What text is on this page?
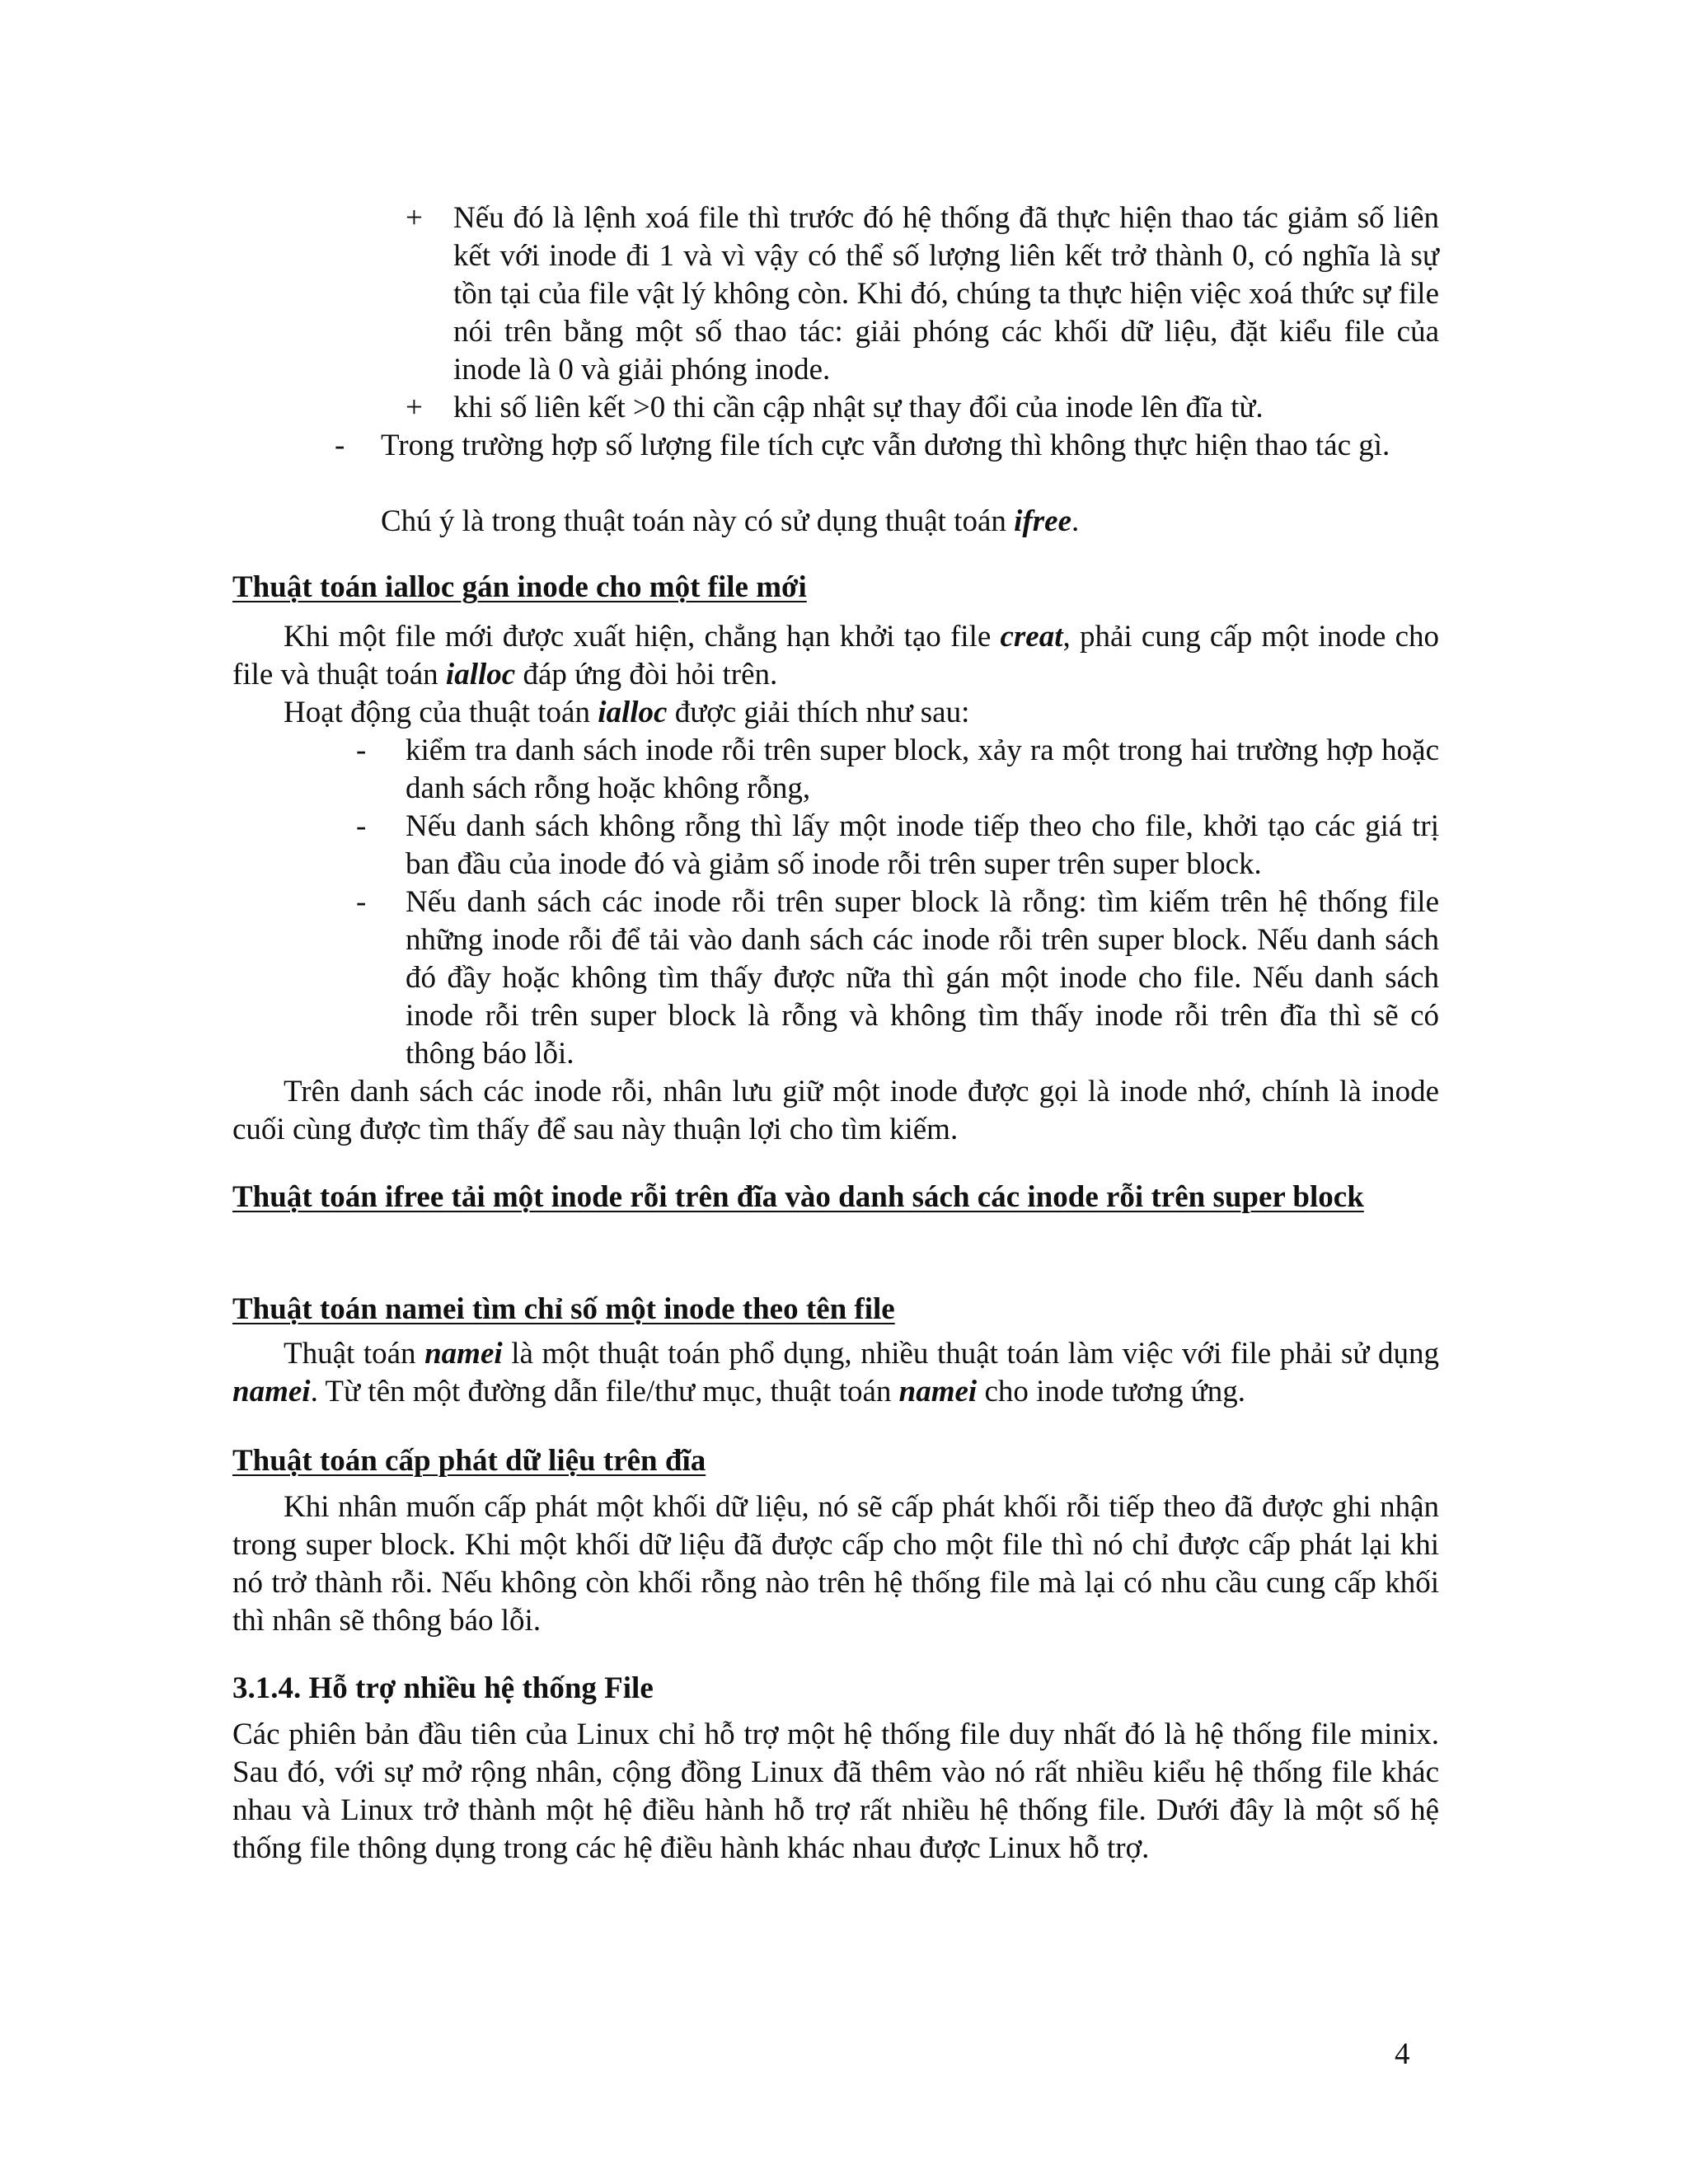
+ Nếu đó là lệnh xoá file thì trước đó hệ thống đã thực hiện thao tác giảm số liên kết với inode đi 1 và vì vậy có thể số lượng liên kết trở thành 0, có nghĩa là sự tồn tại của file vật lý không còn. Khi đó, chúng ta thực hiện việc xoá thức sự file nói trên bằng một số thao tác: giải phóng các khối dữ liệu, đặt kiểu file của inode là 0 và giải phóng inode.
+ khi số liên kết >0 thi cần cập nhật sự thay đổi của inode lên đĩa từ.
- Trong trường hợp số lượng file tích cực vẫn dương thì không thực hiện thao tác gì.
Chú ý là trong thuật toán này có sử dụng thuật toán ifree.
Thuật toán ialloc gán inode cho một file mới
Khi một file mới được xuất hiện, chẳng hạn khởi tạo file creat, phải cung cấp một inode cho file và thuật toán ialloc đáp ứng đòi hỏi trên.
Hoạt động của thuật toán ialloc được giải thích như sau:
- kiểm tra danh sách inode rỗi trên super block, xảy ra một trong hai trường hợp hoặc danh sách rỗng hoặc không rỗng,
- Nếu danh sách không rỗng thì lấy một inode tiếp theo cho file, khởi tạo các giá trị ban đầu của inode đó và giảm số inode rỗi trên super trên super block.
- Nếu danh sách các inode rỗi trên super block là rỗng: tìm kiếm trên hệ thống file những inode rỗi để tải vào danh sách các inode rỗi trên super block. Nếu danh sách đó đầy hoặc không tìm thấy được nữa thì gán một inode cho file. Nếu danh sách inode rỗi trên super block là rỗng và không tìm thấy inode rỗi trên đĩa thì sẽ có thông báo lỗi.
Trên danh sách các inode rỗi, nhân lưu giữ một inode được gọi là inode nhớ, chính là inode cuối cùng được tìm thấy để sau này thuận lợi cho tìm kiếm.
Thuật toán ifree tải một inode rỗi trên đĩa vào danh sách các inode rỗi trên super block
Thuật toán namei tìm chỉ số một inode theo tên file
Thuật toán namei là một thuật toán phổ dụng, nhiều thuật toán làm việc với file phải sử dụng namei. Từ tên một đường dẫn file/thư mục, thuật toán namei cho inode tương ứng.
Thuật toán cấp phát dữ liệu trên đĩa
Khi nhân muốn cấp phát một khối dữ liệu, nó sẽ cấp phát khối rỗi tiếp theo đã được ghi nhận trong super block. Khi một khối dữ liệu đã được cấp cho một file thì nó chỉ được cấp phát lại khi nó trở thành rỗi. Nếu không còn khối rỗng nào trên hệ thống file mà lại có nhu cầu cung cấp khối thì nhân sẽ thông báo lỗi.
3.1.4. Hỗ trợ nhiều hệ thống File
Các phiên bản đầu tiên của Linux chỉ hỗ trợ một hệ thống file duy nhất đó là hệ thống file minix. Sau đó, với sự mở rộng nhân, cộng đồng Linux đã thêm vào nó rất nhiều kiểu hệ thống file khác nhau và Linux trở thành một hệ điều hành hỗ trợ rất nhiều hệ thống file. Dưới đây là một số hệ thống file thông dụng trong các hệ điều hành khác nhau được Linux hỗ trợ.
4
